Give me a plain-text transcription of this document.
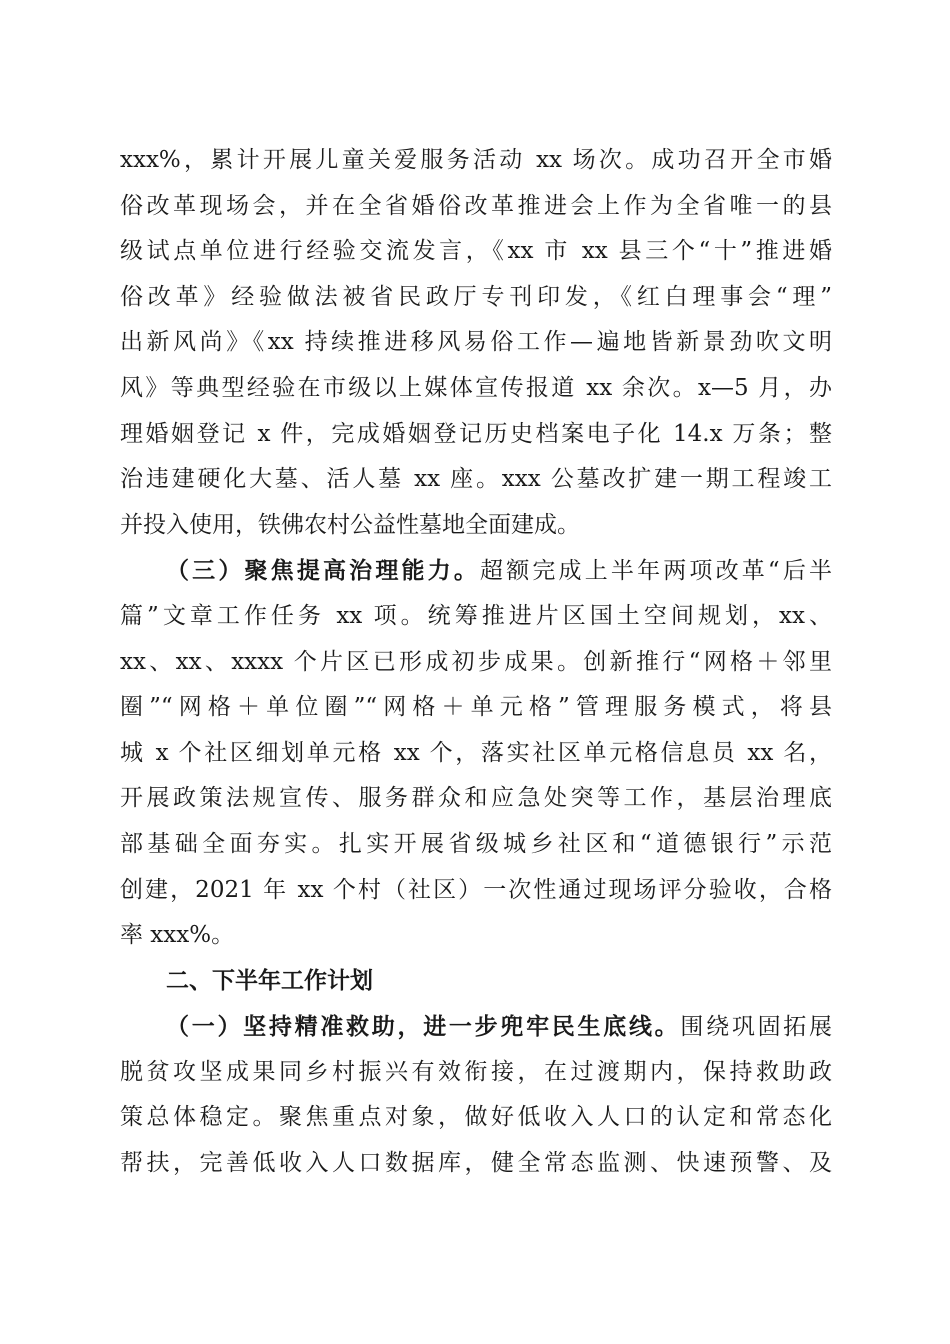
xxx%，累计开展儿童关爱服务活动 xx 场次。成功召开全市婚
俗改革现场会，并在全省婚俗改革推进会上作为全省唯一的县
级试点单位进行经验交流发言，《xx 市 xx 县三个“十”推进婚
俗改革》经验做法被省民政厅专刊印发，《红白理事会“理”
出新风尚》《xx 持续推进移风易俗工作—遍地皆新景劲吹文明
风》等典型经验在市级以上媒体宣传报道 xx 余次。x—5 月，办
理婚姻登记 x 件，完成婚姻登记历史档案电子化 14.x 万条；整
治违建硬化大墓、活人墓 xx 座。xxx 公墓改扩建一期工程竣工
并投入使用，铁佛农村公益性墓地全面建成。
（三）聚焦提高治理能力。超额完成上半年两项改革“后半
篇”文章工作任务 xx 项。统筹推进片区国土空间规划，xx、
xx、xx、xxxx 个片区已形成初步成果。创新推行“网格＋邻里
圈”“网格＋单位圈”“网格＋单元格”管理服务模式，将县
城 x 个社区细划单元格 xx 个，落实社区单元格信息员 xx 名，
开展政策法规宣传、服务群众和应急处突等工作，基层治理底
部基础全面夯实。扎实开展省级城乡社区和“道德银行”示范
创建，2021 年 xx 个村（社区）一次性通过现场评分验收，合格
率 xxx%。
二、下半年工作计划
（一）坚持精准救助，进一步兜牢民生底线。围绕巩固拓展
脱贫攻坚成果同乡村振兴有效衔接，在过渡期内，保持救助政
策总体稳定。聚焦重点对象，做好低收入人口的认定和常态化
帮扶，完善低收入人口数据库，健全常态监测、快速预警、及
